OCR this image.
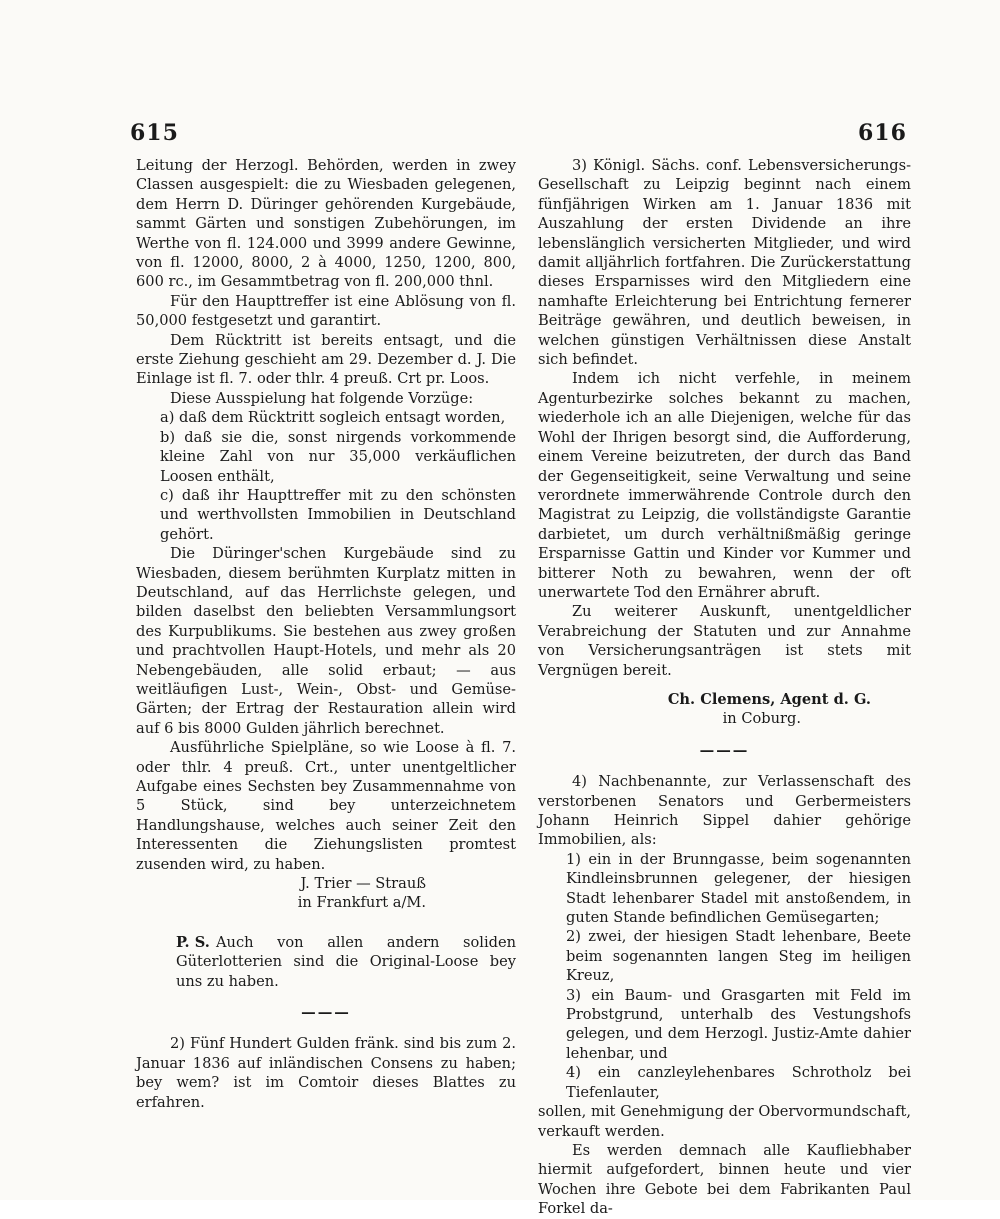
615	616

Leitung der Herzogl. Behörden, werden in zwey Classen ausgespielt: die zu Wiesbaden gelegenen, dem Herrn D. Düringer gehörenden Kurgebäude, sammt Gärten und sonstigen Zubehörungen, im Werthe von fl. 124.000 und 3999 andere Gewinne, von fl. 12000, 8000, 2 à 4000, 1250, 1200, 800, 600 rc., im Gesammtbetrag von fl. 200,000 thnl.

Für den Haupttreffer ist eine Ablösung von fl. 50,000 festgesetzt und garantirt.

Dem Rücktritt ist bereits entsagt, und die erste Ziehung geschieht am 29. Dezember d. J. Die Einlage ist fl. 7. oder thlr. 4 preuß. Crt pr. Loos.

Diese Ausspielung hat folgende Vorzüge:

a) daß dem Rücktritt sogleich entsagt worden,

b) daß sie die, sonst nirgends vorkommende kleine Zahl von nur 35,000 verkäuflichen Loosen enthält,

c) daß ihr Haupttreffer mit zu den schönsten und werthvollsten Immobilien in Deutschland gehört.

Die Düringer'schen Kurgebäude sind zu Wiesbaden, diesem berühmten Kurplatz mitten in Deutschland, auf das Herrlichste gelegen, und bilden daselbst den beliebten Versammlungsort des Kurpublikums. Sie bestehen aus zwey großen und prachtvollen Haupt-Hotels, und mehr als 20 Nebengebäuden, alle solid erbaut; — aus weitläufigen Lust-, Wein-, Obst- und Gemüse-Gärten; der Ertrag der Restauration allein wird auf 6 bis 8000 Gulden jährlich berechnet.

Ausführliche Spielpläne, so wie Loose à fl. 7. oder thlr. 4 preuß. Crt., unter unentgeltlicher Aufgabe eines Sechsten bey Zusammennahme von 5 Stück, sind bey unterzeichnetem Handlungshause, welches auch seiner Zeit den Interessenten die Ziehungslisten promtest zusenden wird, zu haben.

J. Trier — Strauß

in Frankfurt a/M.

P. S. Auch von allen andern soliden Güterlotterien sind die Original-Loose bey uns zu haben.

———

2) Fünf Hundert Gulden fränk. sind bis zum 2. Januar 1836 auf inländischen Consens zu haben; bey wem? ist im Comtoir dieses Blattes zu erfahren.

3) Königl. Sächs. conf. Lebensversicherungs-Gesellschaft zu Leipzig beginnt nach einem fünfjährigen Wirken am 1. Januar 1836 mit Auszahlung der ersten Dividende an ihre lebenslänglich versicherten Mitglieder, und wird damit alljährlich fortfahren. Die Zurückerstattung dieses Ersparnisses wird den Mitgliedern eine namhafte Erleichterung bei Entrichtung fernerer Beiträge gewähren, und deutlich beweisen, in welchen günstigen Verhältnissen diese Anstalt sich befindet.

Indem ich nicht verfehle, in meinem Agenturbezirke solches bekannt zu machen, wiederhole ich an alle Diejenigen, welche für das Wohl der Ihrigen besorgt sind, die Aufforderung, einem Vereine beizutreten, der durch das Band der Gegenseitigkeit, seine Verwaltung und seine verordnete immerwährende Controle durch den Magistrat zu Leipzig, die vollständigste Garantie darbietet, um durch verhältnißmäßig geringe Ersparnisse Gattin und Kinder vor Kummer und bitterer Noth zu bewahren, wenn der oft unerwartete Tod den Ernährer abruft.

Zu weiterer Auskunft, unentgeldlicher Verabreichung der Statuten und zur Annahme von Versicherungsanträgen ist stets mit Vergnügen bereit.

Ch. Clemens, Agent d. G.

in Coburg.

———

4) Nachbenannte, zur Verlassenschaft des verstorbenen Senators und Gerbermeisters Johann Heinrich Sippel dahier gehörige Immobilien, als:

1) ein in der Brunngasse, beim sogenannten Kindleinsbrunnen gelegener, der hiesigen Stadt lehenbarer Stadel mit anstoßendem, in guten Stande befindlichen Gemüsegarten;

2) zwei, der hiesigen Stadt lehenbare, Beete beim sogenannten langen Steg im heiligen Kreuz,

3) ein Baum- und Grasgarten mit Feld im Probstgrund, unterhalb des Vestungshofs gelegen, und dem Herzogl. Justiz-Amte dahier lehenbar, und

4) ein canzleylehenbares Schrotholz bei Tiefenlauter,

sollen, mit Genehmigung der Obervormundschaft, verkauft werden.

Es werden demnach alle Kaufliebhaber hiermit aufgefordert, binnen heute und vier Wochen ihre Gebote bei dem Fabrikanten Paul Forkel da-
